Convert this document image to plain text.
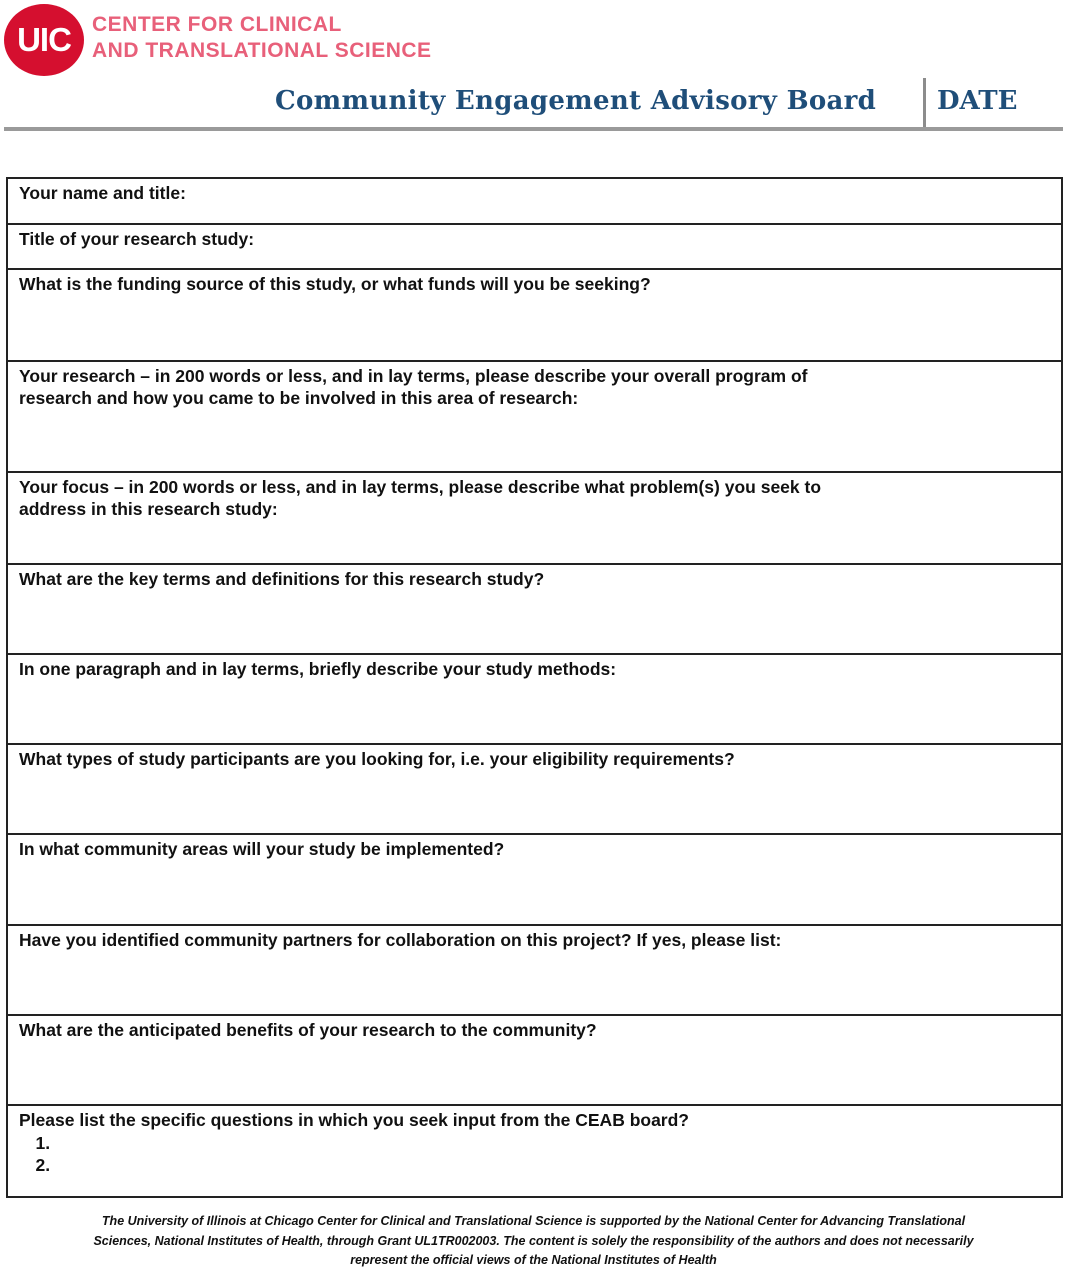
UIC CENTER FOR CLINICAL
AND TRANSLATIONAL SCIENCE
Community Engagement Advisory Board DATE
Your name and title:
Title of your research study:
What is the funding source of this study, or what funds will you be seeking?
Your research – in 200 words or less, and in lay terms, please describe your overall program of
research and how you came to be involved in this area of research:
Your focus – in 200 words or less, and in lay terms, please describe what problem(s) you seek to
address in this research study:
What are the key terms and definitions for this research study?
In one paragraph and in lay terms, briefly describe your study methods:
What types of study participants are you looking for, i.e. your eligibility requirements?
In what community areas will your study be implemented?
Have you identified community partners for collaboration on this project? If yes, please list:
What are the anticipated benefits of your research to the community?
Please list the specific questions in which you seek input from the CEAB board?
1.
2.
The University of Illinois at Chicago Center for Clinical and Translational Science is supported by the National Center for Advancing Translational
Sciences, National Institutes of Health, through Grant UL1TR002003. The content is solely the responsibility of the authors and does not necessarily
represent the official views of the National Institutes of Health
